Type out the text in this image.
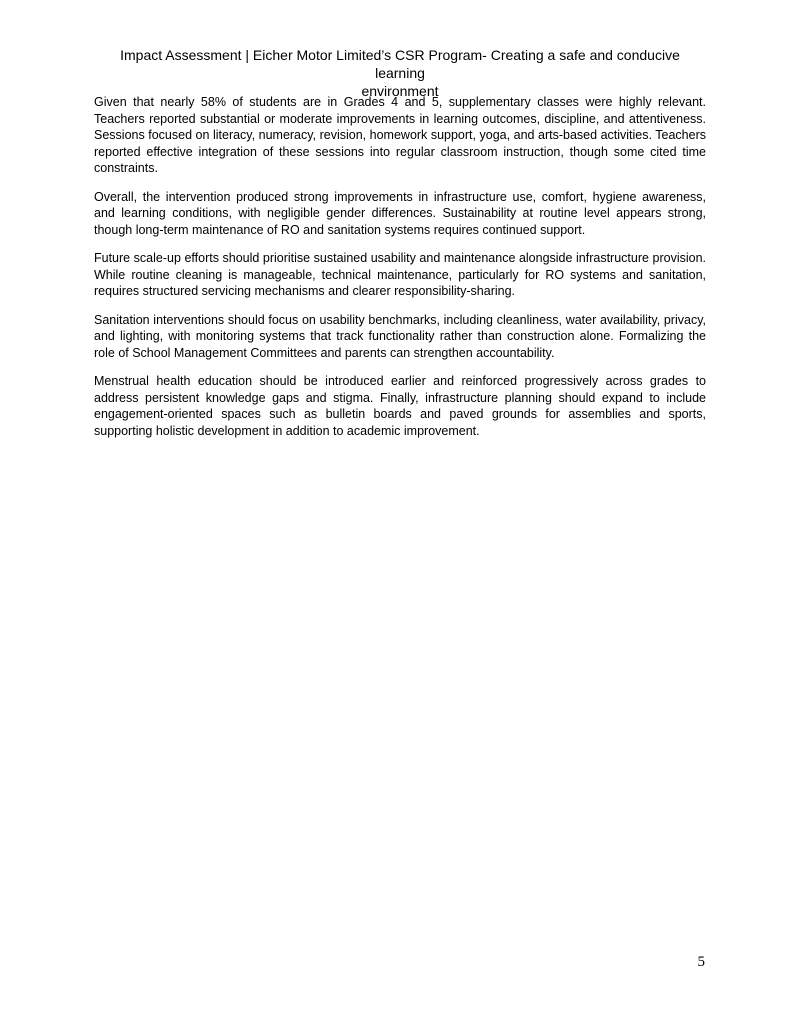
Impact Assessment | Eicher Motor Limited’s CSR Program- Creating a safe and conducive learning
environment

Given that nearly 58% of students are in Grades 4 and 5, supplementary classes were highly relevant. Teachers reported substantial or moderate improvements in learning outcomes, discipline, and attentiveness. Sessions focused on literacy, numeracy, revision, homework support, yoga, and arts-based activities. Teachers reported effective integration of these sessions into regular classroom instruction, though some cited time constraints.

Overall, the intervention produced strong improvements in infrastructure use, comfort, hygiene awareness, and learning conditions, with negligible gender differences. Sustainability at routine level appears strong, though long-term maintenance of RO and sanitation systems requires continued support.

Future scale-up efforts should prioritise sustained usability and maintenance alongside infrastructure provision. While routine cleaning is manageable, technical maintenance, particularly for RO systems and sanitation, requires structured servicing mechanisms and clearer responsibility-sharing.

Sanitation interventions should focus on usability benchmarks, including cleanliness, water availability, privacy, and lighting, with monitoring systems that track functionality rather than construction alone. Formalizing the role of School Management Committees and parents can strengthen accountability.

Menstrual health education should be introduced earlier and reinforced progressively across grades to address persistent knowledge gaps and stigma. Finally, infrastructure planning should expand to include engagement-oriented spaces such as bulletin boards and paved grounds for assemblies and sports, supporting holistic development in addition to academic improvement.

5
